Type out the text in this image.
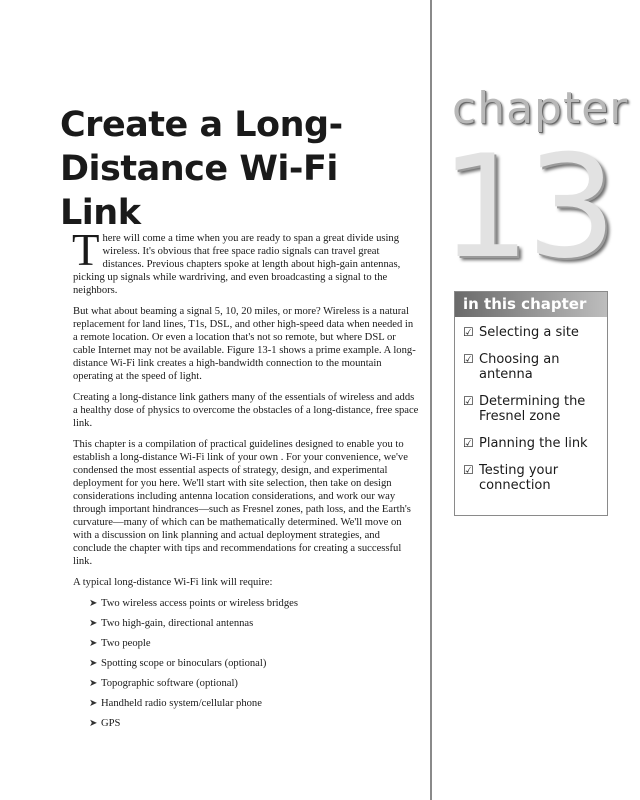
Create a Long-Distance Wi-Fi Link
chapter
13
in this chapter
☑ Selecting a site
☑ Choosing an antenna
☑ Determining the Fresnel zone
☑ Planning the link
☑ Testing your connection

There will come a time when you are ready to span a great divide using wireless. It's obvious that free space radio signals can travel great distances. Previous chapters spoke at length about high-gain antennas, picking up signals while wardriving, and even broadcasting a signal to the neighbors.

But what about beaming a signal 5, 10, 20 miles, or more? Wireless is a natural replacement for land lines, T1s, DSL, and other high-speed data when needed in a remote location. Or even a location that's not so remote, but where DSL or cable Internet may not be available. Figure 13-1 shows a prime example. A long-distance Wi-Fi link creates a high-bandwidth connection to the mountain operating at the speed of light.

Creating a long-distance link gathers many of the essentials of wireless and adds a healthy dose of physics to overcome the obstacles of a long-distance, free space link.

This chapter is a compilation of practical guidelines designed to enable you to establish a long-distance Wi-Fi link of your own . For your convenience, we've condensed the most essential aspects of strategy, design, and experimental deployment for you here. We'll start with site selection, then take on design considerations including antenna location considerations, and work our way through important hindrances—such as Fresnel zones, path loss, and the Earth's curvature—many of which can be mathematically determined. We'll move on with a discussion on link planning and actual deployment strategies, and conclude the chapter with tips and recommendations for creating a successful link.

A typical long-distance Wi-Fi link will require:

➤ Two wireless access points or wireless bridges
➤ Two high-gain, directional antennas
➤ Two people
➤ Spotting scope or binoculars (optional)
➤ Topographic software (optional)
➤ Handheld radio system/cellular phone
➤ GPS
